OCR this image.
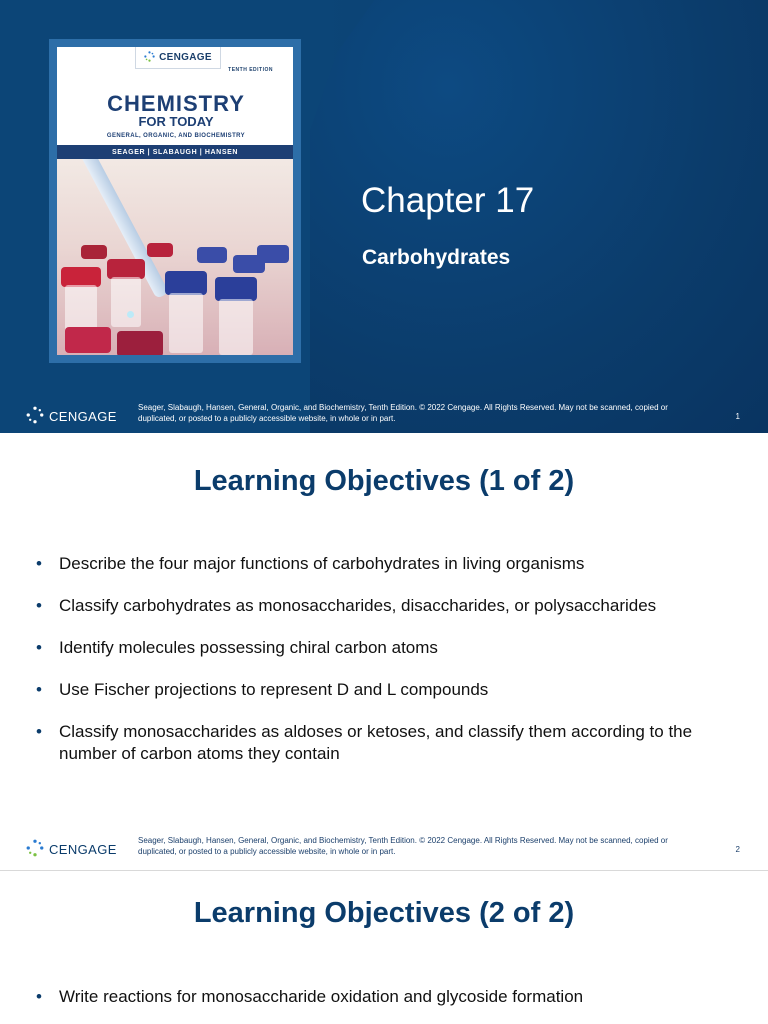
CENGAGE
TENTH EDITION
CHEMISTRY
FOR TODAY
GENERAL, ORGANIC, AND BIOCHEMISTRY
SEAGER | SLABAUGH | HANSEN
Chapter 17
Carbohydrates
CENGAGE
Seager, Slabaugh, Hansen, General, Organic, and Biochemistry, Tenth Edition. © 2022 Cengage. All Rights Reserved. May not be scanned, copied or duplicated, or posted to a publicly accessible website, in whole or in part.	1
Learning Objectives (1 of 2)
• Describe the four major functions of carbohydrates in living organisms
• Classify carbohydrates as monosaccharides, disaccharides, or polysaccharides
• Identify molecules possessing chiral carbon atoms
• Use Fischer projections to represent D and L compounds
• Classify monosaccharides as aldoses or ketoses, and classify them according to the number of carbon atoms they contain
CENGAGE
Seager, Slabaugh, Hansen, General, Organic, and Biochemistry, Tenth Edition. © 2022 Cengage. All Rights Reserved. May not be scanned, copied or duplicated, or posted to a publicly accessible website, in whole or in part.	2
Learning Objectives (2 of 2)
• Write reactions for monosaccharide oxidation and glycoside formation
